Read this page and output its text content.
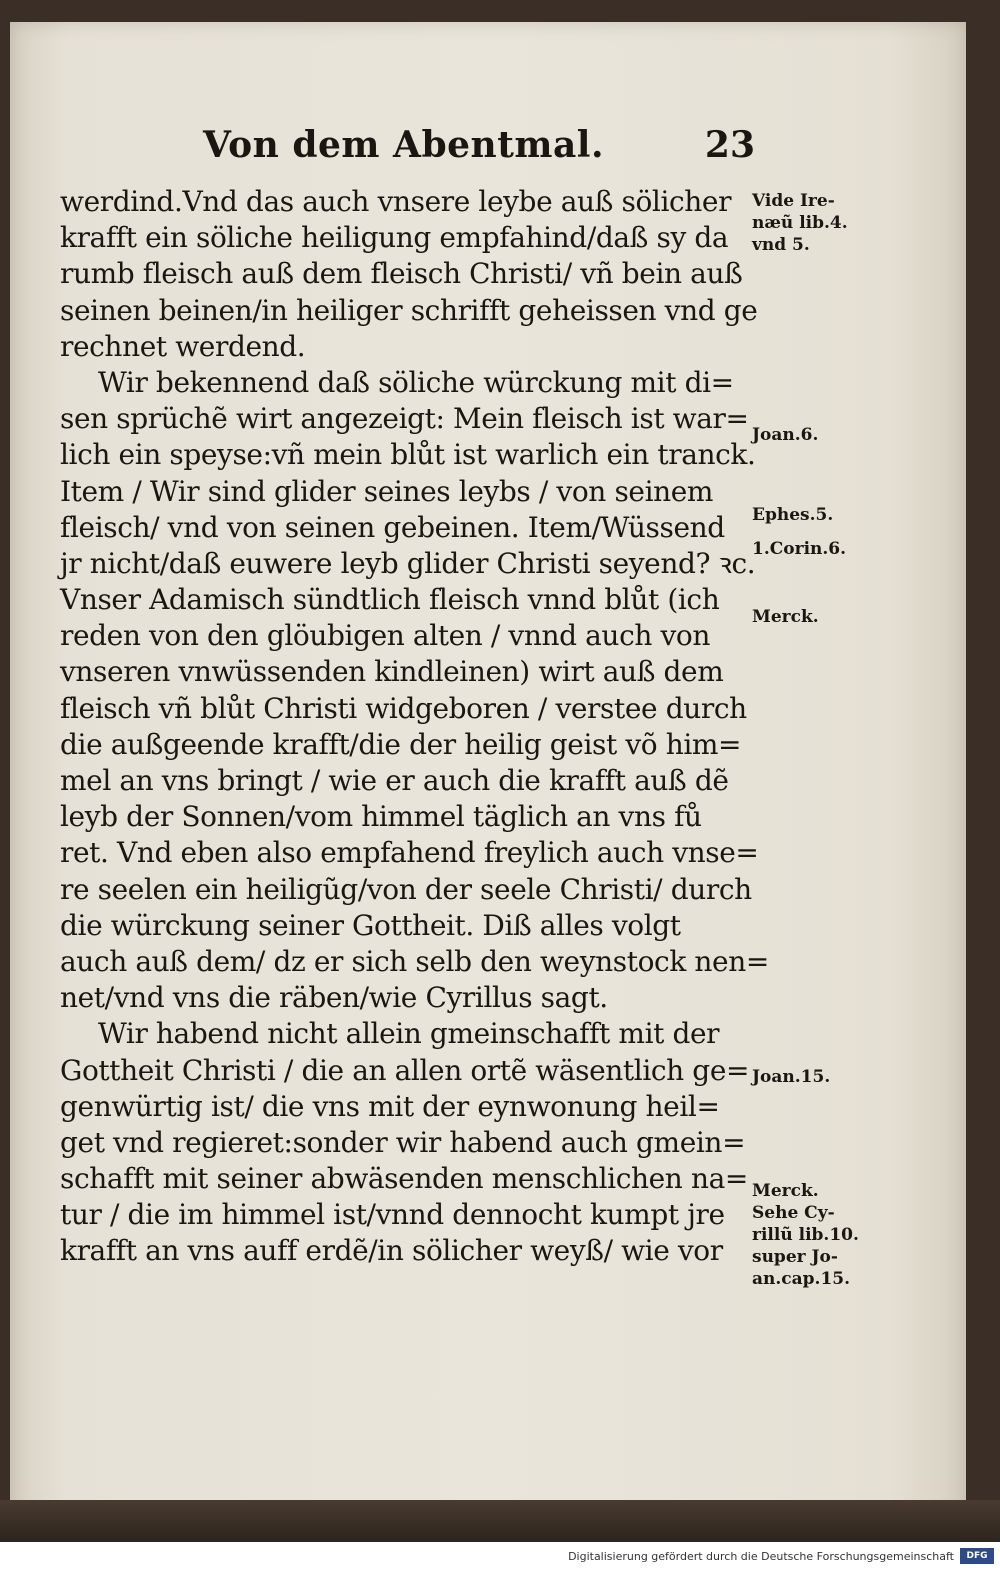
Von dem Abentmal.	23
werdind.Vnd das auch vnsere leybe auß sölicher
krafft ein söliche heiligung empfahind/daß sy da
rumb fleisch auß dem fleisch Christi/ vñ bein auß
seinen beinen/in heiliger schrifft geheissen vnd ge
rechnet werdend.
Wir bekennend daß söliche würckung mit di=
sen sprüchẽ wirt angezeigt: Mein fleisch ist war=
lich ein speyse:vñ mein blůt ist warlich ein tranck.
Item / Wir sind glider seines leybs / von seinem
fleisch/ vnd von seinen gebeinen. Item/Wüssend
jr nicht/daß euwere leyb glider Christi seyend? ꝛc.
Vnser Adamisch sündtlich fleisch vnnd blůt (ich
reden von den glöubigen alten / vnnd auch von
vnseren vnwüssenden kindleinen) wirt auß dem
fleisch vñ blůt Christi widgeboren / verstee durch
die außgeende krafft/die der heilig geist võ him=
mel an vns bringt / wie er auch die krafft auß dẽ
leyb der Sonnen/vom himmel täglich an vns fů
ret. Vnd eben also empfahend freylich auch vnse=
re seelen ein heiligũg/von der seele Christi/ durch
die würckung seiner Gottheit. Diß alles volgt
auch auß dem/ dz er sich selb den weynstock nen=
net/vnd vns die räben/wie Cyrillus sagt.
Wir habend nicht allein gmeinschafft mit der
Gottheit Christi / die an allen ortẽ wäsentlich ge=
genwürtig ist/ die vns mit der eynwonung heil=
get vnd regieret:sonder wir habend auch gmein=
schafft mit seiner abwäsenden menschlichen na=
tur / die im himmel ist/vnnd dennocht kumpt jre
krafft an vns auff erdẽ/in sölicher weyß/ wie vor
Vide Ire-
næũ lib.4.
vnd 5.
Joan.6.
Ephes.5.
1.Corin.6.
Merck.
Joan.15.
Merck.
Sehe Cy-
rillũ lib.10.
super Jo-
an.cap.15.
Digitalisierung gefördert durch die Deutsche Forschungsgemeinschaft	DFG
